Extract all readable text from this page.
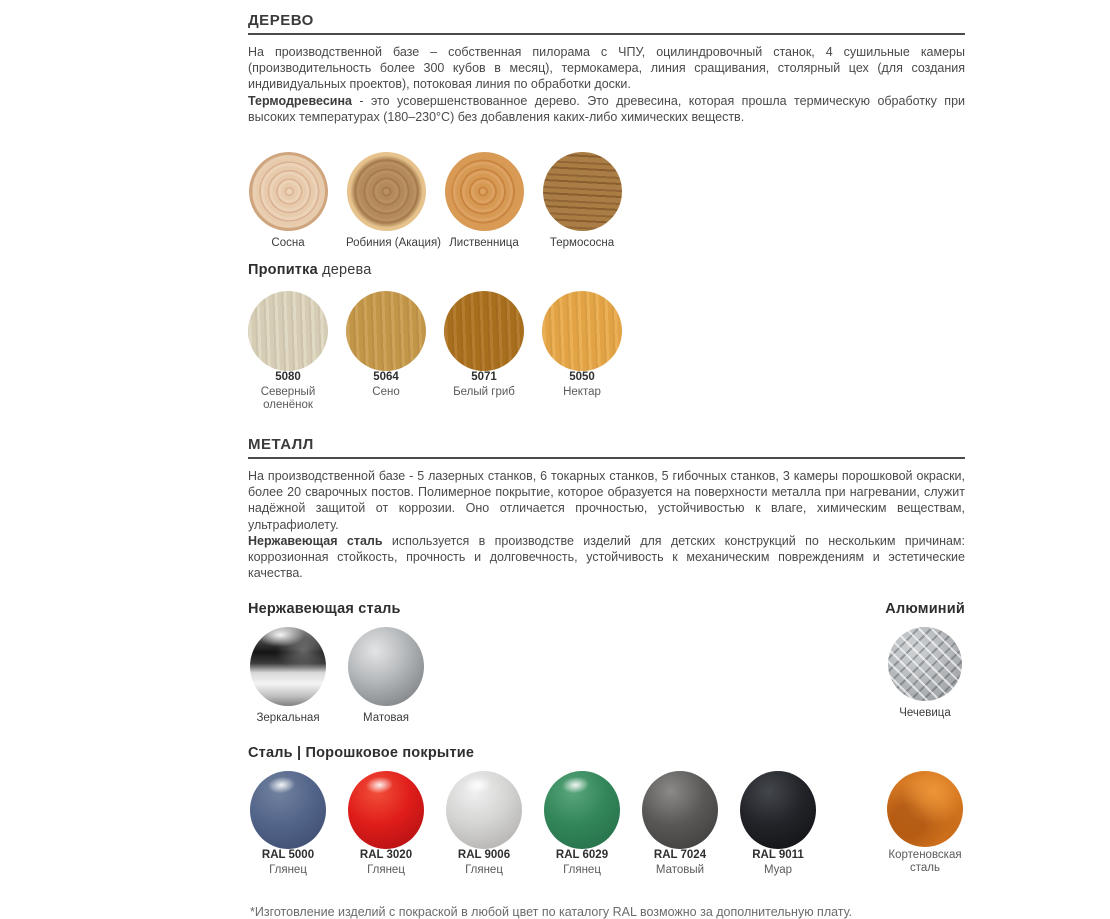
ДЕРЕВО

На производственной базе – собственная пилорама с ЧПУ, оцилиндровочный станок, 4 сушильные камеры (производительность более 300 кубов в месяц), термокамера, линия сращивания, столярный цех (для создания индивидуальных проектов), потоковая линия по обработки доски.

Термодревесина - это усовершенствованное дерево. Это древесина, которая прошла термическую обработку при высоких температурах (180–230°С) без добавления каких-либо химических веществ.

Сосна	Робиния (Акация) Лиственница	Термососна
Пропитка дерева
5080
Северный оленёнок
5064
Сено
5071
Белый гриб
5050
Нектар
МЕТАЛЛ

На производственной базе - 5 лазерных станков, 6 токарных станков, 5 гибочных станков, 3 камеры порошковой окраски, более 20 сварочных постов. Полимерное покрытие, которое образуется на поверхности металла при нагревании, служит надёжной защитой от коррозии. Оно отличается прочностью, устойчивостью к влаге, химическим веществам, ультрафиолету.

Нержавеющая сталь используется в производстве изделий для детских конструкций по нескольким причинам: коррозионная стойкость, прочность и долговечность, устойчивость к механическим повреждениям и эстетические качества.

Нержавеющая сталь	Алюминий
Зеркальная	Матовая	Чечевица
Сталь | Порошковое покрытие
RAL 5000
Глянец
RAL 3020
Глянец
RAL 9006
Глянец
RAL 6029
Глянец
RAL 7024
Матовый
RAL 9011
Муар
Кортеновская сталь

*Изготовление изделий с покраской в любой цвет по каталогу RAL возможно за дополнительную плату.
